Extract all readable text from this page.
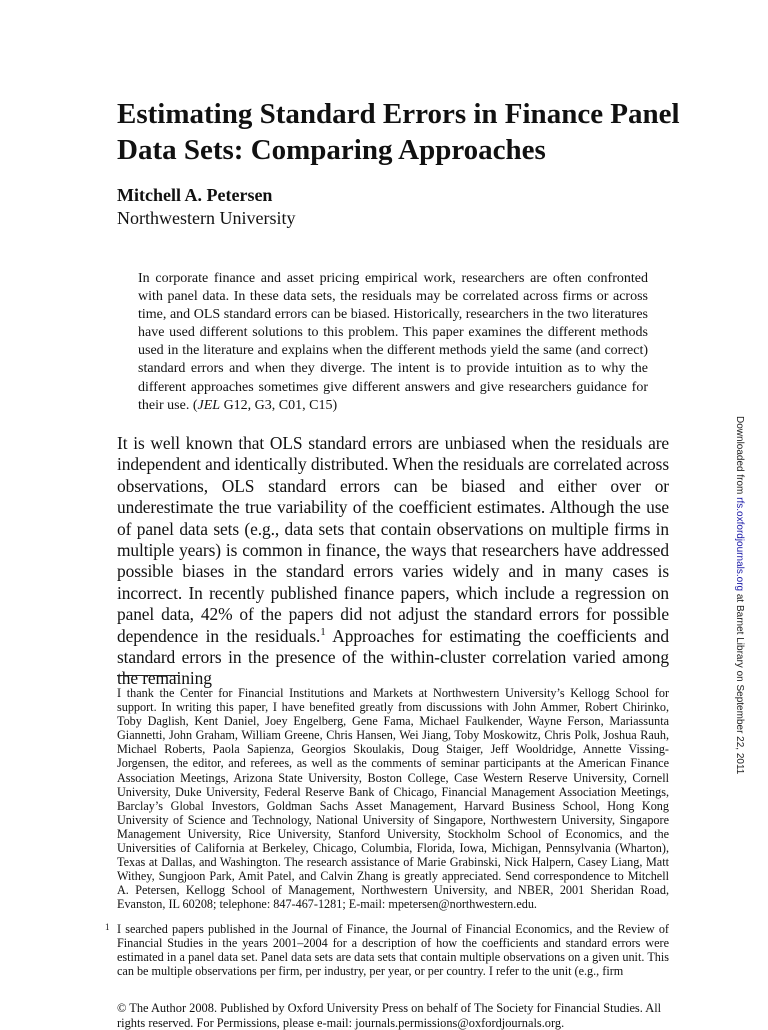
Estimating Standard Errors in Finance Panel Data Sets: Comparing Approaches
Mitchell A. Petersen
Northwestern University

In corporate finance and asset pricing empirical work, researchers are often confronted with panel data. In these data sets, the residuals may be correlated across firms or across time, and OLS standard errors can be biased. Historically, researchers in the two literatures have used different solutions to this problem. This paper examines the different methods used in the literature and explains when the different methods yield the same (and correct) standard errors and when they diverge. The intent is to provide intuition as to why the different approaches sometimes give different answers and give researchers guidance for their use. (JEL G12, G3, C01, C15)

It is well known that OLS standard errors are unbiased when the residuals are independent and identically distributed. When the residuals are correlated across observations, OLS standard errors can be biased and either over or underestimate the true variability of the coefficient estimates. Although the use of panel data sets (e.g., data sets that contain observations on multiple firms in multiple years) is common in finance, the ways that researchers have addressed possible biases in the standard errors varies widely and in many cases is incorrect. In recently published finance papers, which include a regression on panel data, 42% of the papers did not adjust the standard errors for possible dependence in the residuals.$^1$ Approaches for estimating the coefficients and standard errors in the presence of the within-cluster correlation varied among the remaining

I thank the Center for Financial Institutions and Markets at Northwestern University’s Kellogg School for support. In writing this paper, I have benefited greatly from discussions with John Ammer, Robert Chirinko, Toby Daglish, Kent Daniel, Joey Engelberg, Gene Fama, Michael Faulkender, Wayne Ferson, Mariassunta Giannetti, John Graham, William Greene, Chris Hansen, Wei Jiang, Toby Moskowitz, Chris Polk, Joshua Rauh, Michael Roberts, Paola Sapienza, Georgios Skoulakis, Doug Staiger, Jeff Wooldridge, Annette Vissing-Jorgensen, the editor, and referees, as well as the comments of seminar participants at the American Finance Association Meetings, Arizona State University, Boston College, Case Western Reserve University, Cornell University, Duke University, Federal Reserve Bank of Chicago, Financial Management Association Meetings, Barclay’s Global Investors, Goldman Sachs Asset Management, Harvard Business School, Hong Kong University of Science and Technology, National University of Singapore, Northwestern University, Singapore Management University, Rice University, Stanford University, Stockholm School of Economics, and the Universities of California at Berkeley, Chicago, Columbia, Florida, Iowa, Michigan, Pennsylvania (Wharton), Texas at Dallas, and Washington. The research assistance of Marie Grabinski, Nick Halpern, Casey Liang, Matt Withey, Sungjoon Park, Amit Patel, and Calvin Zhang is greatly appreciated. Send correspondence to Mitchell A. Petersen, Kellogg School of Management, Northwestern University, and NBER, 2001 Sheridan Road, Evanston, IL 60208; telephone: 847-467-1281; E-mail: mpetersen@northwestern.edu.

1 I searched papers published in the Journal of Finance, the Journal of Financial Economics, and the Review of Financial Studies in the years 2001–2004 for a description of how the coefficients and standard errors were estimated in a panel data set. Panel data sets are data sets that contain multiple observations on a given unit. This can be multiple observations per firm, per industry, per year, or per country. I refer to the unit (e.g., firm

© The Author 2008. Published by Oxford University Press on behalf of The Society for Financial Studies. All rights reserved. For Permissions, please e-mail: journals.permissions@oxfordjournals.org.

Downloaded from rfs.oxfordjournals.org at Barnet Library on September 22, 2011
